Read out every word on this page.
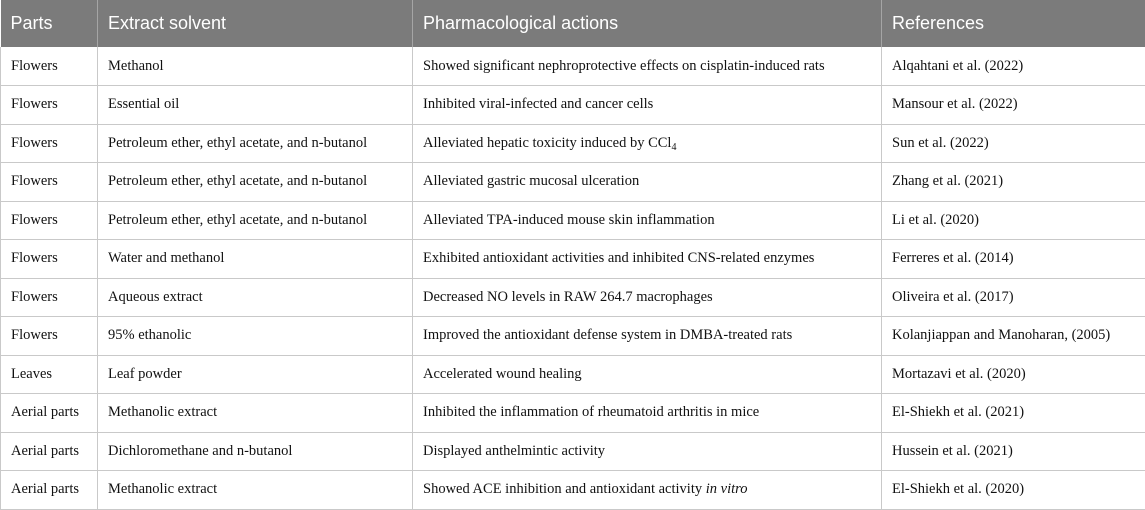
Parts	Extract solvent	Pharmacological actions	References
Flowers	Methanol	Showed significant nephroprotective effects on cisplatin-induced rats	Alqahtani et al. (2022)
Flowers	Essential oil	Inhibited viral-infected and cancer cells	Mansour et al. (2022)
Flowers	Petroleum ether, ethyl acetate, and n-butanol	Alleviated hepatic toxicity induced by CCl$_4$	Sun et al. (2022)
Flowers	Petroleum ether, ethyl acetate, and n-butanol	Alleviated gastric mucosal ulceration	Zhang et al. (2021)
Flowers	Petroleum ether, ethyl acetate, and n-butanol	Alleviated TPA-induced mouse skin inflammation	Li et al. (2020)
Flowers	Water and methanol	Exhibited antioxidant activities and inhibited CNS-related enzymes	Ferreres et al. (2014)
Flowers	Aqueous extract	Decreased NO levels in RAW 264.7 macrophages	Oliveira et al. (2017)
Flowers	95% ethanolic	Improved the antioxidant defense system in DMBA-treated rats	Kolanjiappan and Manoharan, (2005)
Leaves	Leaf powder	Accelerated wound healing	Mortazavi et al. (2020)
Aerial parts	Methanolic extract	Inhibited the inflammation of rheumatoid arthritis in mice	El-Shiekh et al. (2021)
Aerial parts	Dichloromethane and n-butanol	Displayed anthelmintic activity	Hussein et al. (2021)
Aerial parts	Methanolic extract	Showed ACE inhibition and antioxidant activity in vitro	El-Shiekh et al. (2020)
